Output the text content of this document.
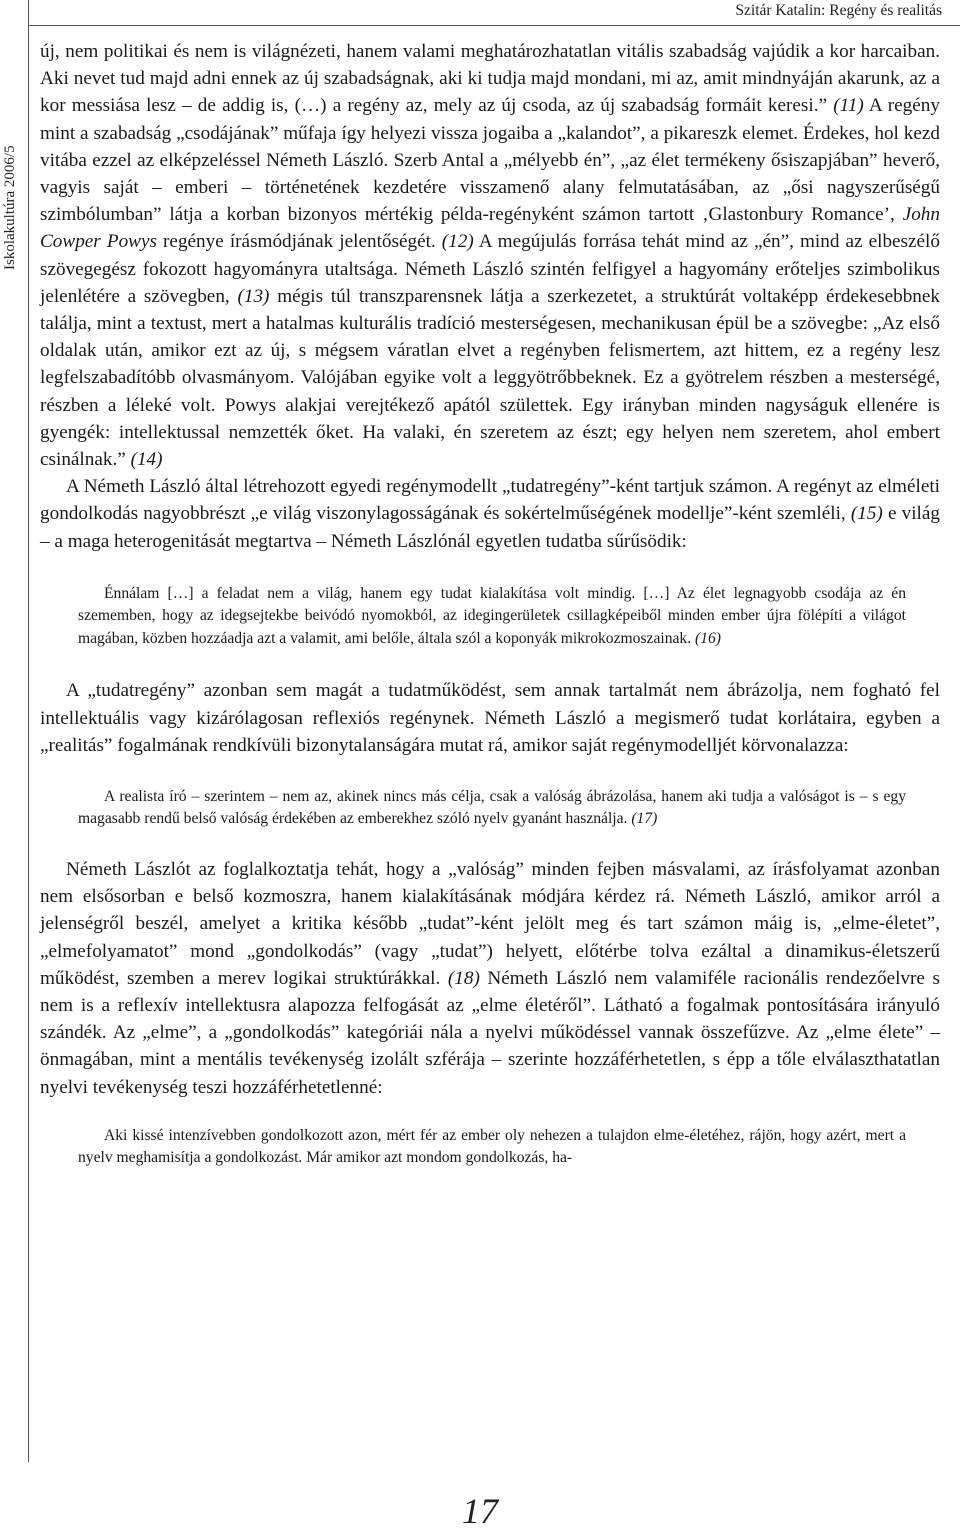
Iskolakultúra 2006/5
Szitár Katalin: Regény és realitás

új, nem politikai és nem is világnézeti, hanem valami meghatározhatatlan vitális szabadság vajúdik a kor harcaiban. Aki nevet tud majd adni ennek az új szabadságnak, aki ki tudja majd mondani, mi az, amit mindnyáján akarunk, az a kor messiása lesz – de addig is, (…) a regény az, mely az új csoda, az új szabadság formáit keresi.” (11) A regény mint a szabadság „csodájának” műfaja így helyezi vissza jogaiba a „kalandot”, a pikareszk elemet. Érdekes, hol kezd vitába ezzel az elképzeléssel Németh László. Szerb Antal a „mélyebb én”, „az élet termékeny ősiszapjában” heverő, vagyis saját – emberi – történetének kezdetére visszamenő alany felmutatásában, az „ősi nagyszerűségű szimbólumban” látja a korban bizonyos mértékig példa-regényként számon tartott ‚Glastonbury Romance’, John Cowper Powys regénye írásmódjának jelentőségét. (12) A megújulás forrása tehát mind az „én”, mind az elbeszélő szövegegész fokozott hagyományra utaltsága. Németh László szintén felfigyel a hagyomány erőteljes szimbolikus jelenlétére a szövegben, (13) mégis túl transzparensnek látja a szerkezetet, a struktúrát voltaképp érdekesebbnek találja, mint a textust, mert a hatalmas kulturális tradíció mesterségesen, mechanikusan épül be a szövegbe: „Az első oldalak után, amikor ezt az új, s mégsem váratlan elvet a regényben felismertem, azt hittem, ez a regény lesz legfelszabadítóbb olvasmányom. Valójában egyike volt a leggyötrőbbeknek. Ez a gyötrelem részben a mesterségé, részben a léleké volt. Powys alakjai verejtékező apától születtek. Egy irányban minden nagyságuk ellenére is gyengék: intellektussal nemzették őket. Ha valaki, én szeretem az észt; egy helyen nem szeretem, ahol embert csinálnak.” (14)

A Németh László által létrehozott egyedi regénymodellt „tudatregény”-ként tartjuk számon. A regényt az elméleti gondolkodás nagyobbrészt „e világ viszonylagosságának és sokértelműségének modellje”-ként szemléli, (15) e világ – a maga heterogenitását megtartva – Németh Lászlónál egyetlen tudatba sűrűsödik:

Énnálam […] a feladat nem a világ, hanem egy tudat kialakítása volt mindig. […] Az élet legnagyobb csodája az én szememben, hogy az idegsejtekbe beivódó nyomokból, az idegingerületek csillagképeiből minden ember újra fölépíti a világot magában, közben hozzáadja azt a valamit, ami belőle, általa szól a koponyák mikrokozmoszainak. (16)

A „tudatregény” azonban sem magát a tudatműködést, sem annak tartalmát nem ábrázolja, nem fogható fel intellektuális vagy kizárólagosan reflexiós regénynek. Németh László a megismerő tudat korlátaira, egyben a „realitás” fogalmának rendkívüli bizonytalanságára mutat rá, amikor saját regénymodelljét körvonalazza:

A realista író – szerintem – nem az, akinek nincs más célja, csak a valóság ábrázolása, hanem aki tudja a valóságot is – s egy magasabb rendű belső valóság érdekében az emberekhez szóló nyelv gyanánt használja. (17)

Németh Lászlót az foglalkoztatja tehát, hogy a „valóság” minden fejben másvalami, az írásfolyamat azonban nem elsősorban e belső kozmoszra, hanem kialakításának módjára kérdez rá. Németh László, amikor arról a jelenségről beszél, amelyet a kritika később „tudat”-ként jelölt meg és tart számon máig is, „elme-életet”, „elmefolyamatot” mond „gondolkodás” (vagy „tudat”) helyett, előtérbe tolva ezáltal a dinamikus-életszerű működést, szemben a merev logikai struktúrákkal. (18) Németh László nem valamiféle racionális rendezőelvre s nem is a reflexív intellektusra alapozza felfogását az „elme életéről”. Látható a fogalmak pontosítására irányuló szándék. Az „elme”, a „gondolkodás” kategóriái nála a nyelvi működéssel vannak összefűzve. Az „elme élete” – önmagában, mint a mentális tevékenység izolált szférája – szerinte hozzáférhetetlen, s épp a tőle elválaszthatatlan nyelvi tevékenység teszi hozzáférhetetlenné:

Aki kissé intenzívebben gondolkozott azon, mért fér az ember oly nehezen a tulajdon elme-életéhez, rájön, hogy azért, mert a nyelv meghamisítja a gondolkozást. Már amikor azt mondom gondolkozás, ha-

17
